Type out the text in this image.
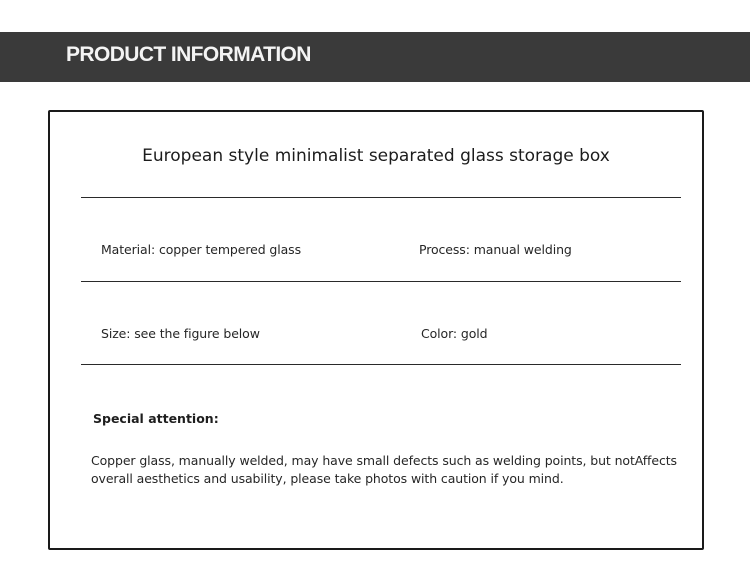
PRODUCT INFORMATION
European style minimalist separated glass storage box
Material: copper tempered glass	Process: manual welding
Size: see the figure below	Color: gold
Special attention:
Copper glass, manually welded, may have small defects such as welding points, but notAffects overall aesthetics and usability, please take photos with caution if you mind.
